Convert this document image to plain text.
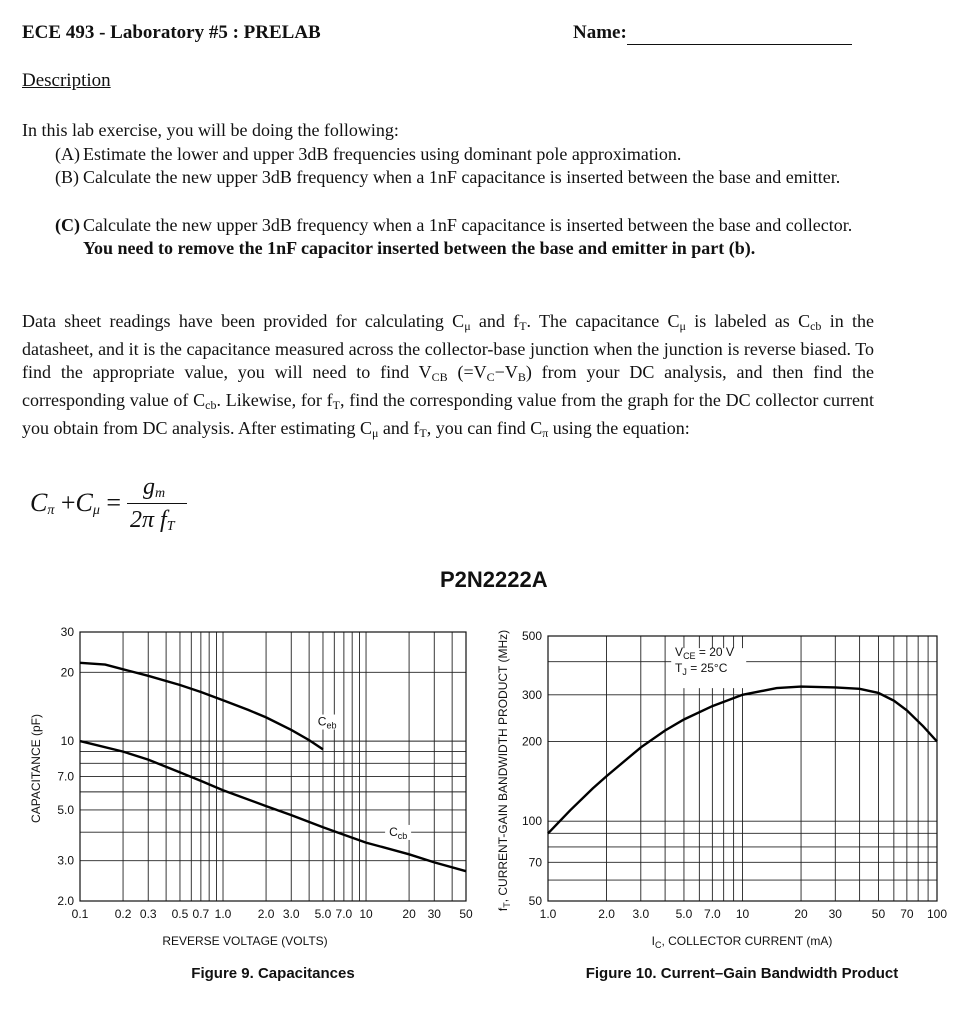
ECE 493 - Laboratory #5 : PRELAB	Name:
Description
In this lab exercise, you will be doing the following:
(A) Estimate the lower and upper 3dB frequencies using dominant pole approximation.
(B) Calculate the new upper 3dB frequency when a 1nF capacitance is inserted between the base and emitter.
(C) Calculate the new upper 3dB frequency when a 1nF capacitance is inserted between the base and collector. You need to remove the 1nF capacitor inserted between the base and emitter in part (b).
Data sheet readings have been provided for calculating $C_\mu$ and $f_T$. The capacitance $C_\mu$ is labeled as $C_{cb}$ in the datasheet, and it is the capacitance measured across the collector-base junction when the junction is reverse biased. To find the appropriate value, you will need to find $V_{CB}$ $(=V_C-V_B)$ from your DC analysis, and then find the corresponding value of $C_{cb}$. Likewise, for $f_T$, find the corresponding value from the graph for the DC collector current you obtain from DC analysis. After estimating $C_\mu$ and $f_T$, you can find $C_\pi$ using the equation:
$C_\pi +C_\mu$ =
$g_m$
2π $f_T$
P2N2222A
0.1 0.2 0.3 0.5 0.7 1.0 2.0 3.0 5.0 7.0 10 20 30 50
2.0
3.0
5.0
7.0
10
20
30
REVERSE VOLTAGE (VOLTS)
CAPACITANCE (pF)
Figure 9. Capacitances
$C_{eb}$
$C_{cb}$
1.0	2.0 3.0 5.0 7.0 10	20 30 50 70 100
50
70
100
200
300
500
$I_C$, COLLECTOR CURRENT (mA)
$f_T$, CURRENT-GAIN BANDWIDTH PRODUCT (MHz)
Figure 10. Current–Gain Bandwidth Product
$V_{CE} = 20$ V
$T_J = 25^\circ C$
